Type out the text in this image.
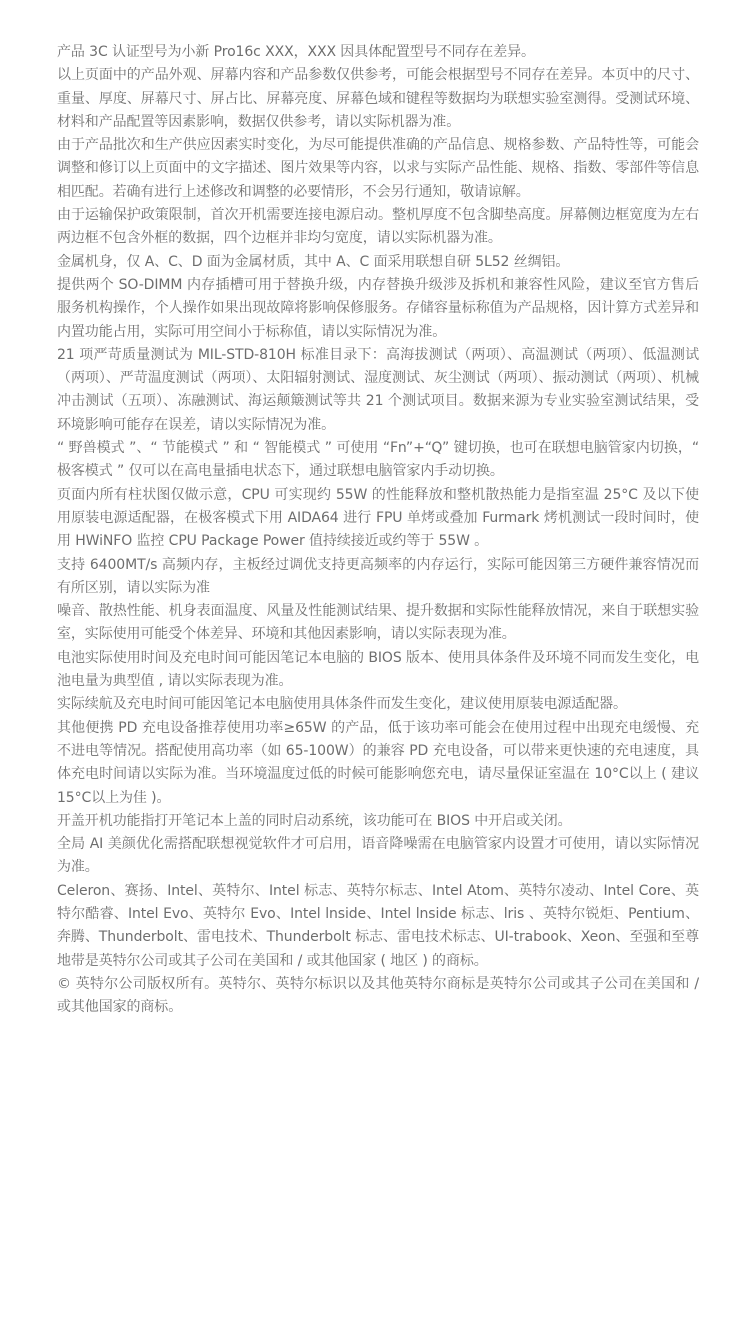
产品 3C 认证型号为小新 Pro16c XXX，XXX 因具体配置型号不同存在差异。

以上页面中的产品外观、屏幕内容和产品参数仅供参考，可能会根据型号不同存在差异。本页中的尺寸、重量、厚度、屏幕尺寸、屏占比、屏幕亮度、屏幕色域和键程等数据均为联想实验室测得。受测试环境、材料和产品配置等因素影响，数据仅供参考，请以实际机器为准。

由于产品批次和生产供应因素实时变化，为尽可能提供准确的产品信息、规格参数、产品特性等，可能会调整和修订以上页面中的文字描述、图片效果等内容，以求与实际产品性能、规格、指数、零部件等信息相匹配。若确有进行上述修改和调整的必要情形，不会另行通知，敬请谅解。

由于运输保护政策限制，首次开机需要连接电源启动。整机厚度不包含脚垫高度。屏幕侧边框宽度为左右两边框不包含外框的数据，四个边框并非均匀宽度，请以实际机器为准。

金属机身，仅 A、C、D 面为金属材质，其中 A、C 面采用联想自研 5L52 丝绸铝。

提供两个 SO-DIMM 内存插槽可用于替换升级，内存替换升级涉及拆机和兼容性风险，建议至官方售后服务机构操作，个人操作如果出现故障将影响保修服务。存储容量标称值为产品规格，因计算方式差异和内置功能占用，实际可用空间小于标称值，请以实际情况为准。

21 项严苛质量测试为 MIL-STD-810H 标准目录下：高海拔测试（两项）、高温测试（两项）、低温测试（两项）、严苛温度测试（两项）、太阳辐射测试、湿度测试、灰尘测试（两项）、振动测试（两项）、机械冲击测试（五项）、冻融测试、海运颠簸测试等共 21 个测试项目。数据来源为专业实验室测试结果，受环境影响可能存在误差，请以实际情况为准。

“ 野兽模式 ”、“ 节能模式 ” 和 “ 智能模式 ” 可使用 “Fn”+“Q” 键切换，也可在联想电脑管家内切换，“ 极客模式 ” 仅可以在高电量插电状态下，通过联想电脑管家内手动切换。

页面内所有柱状图仅做示意，CPU 可实现约 55W 的性能释放和整机散热能力是指室温 25°C 及以下使用原装电源适配器，在极客模式下用 AIDA64 进行 FPU 单烤或叠加 Furmark 烤机测试一段时间时，使用 HWiNFO 监控 CPU Package Power 值持续接近或约等于 55W 。

支持 6400MT/s 高频内存，主板经过调优支持更高频率的内存运行，实际可能因第三方硬件兼容情况而有所区别，请以实际为准

噪音、散热性能、机身表面温度、风量及性能测试结果、提升数据和实际性能释放情况，来自于联想实验室，实际使用可能受个体差异、环境和其他因素影响，请以实际表现为准。

电池实际使用时间及充电时间可能因笔记本电脑的 BIOS 版本、使用具体条件及环境不同而发生变化，电池电量为典型值 , 请以实际表现为准。

实际续航及充电时间可能因笔记本电脑使用具体条件而发生变化，建议使用原装电源适配器。

其他便携 PD 充电设备推荐使用功率≥65W 的产品，低于该功率可能会在使用过程中出现充电缓慢、充不进电等情况。搭配使用高功率（如 65-100W）的兼容 PD 充电设备，可以带来更快速的充电速度，具体充电时间请以实际为准。当环境温度过低的时候可能影响您充电，请尽量保证室温在 10°C以上 ( 建议 15°C以上为佳 )。

开盖开机功能指打开笔记本上盖的同时启动系统，该功能可在 BIOS 中开启或关闭。

全局 AI 美颜优化需搭配联想视觉软件才可启用，语音降噪需在电脑管家内设置才可使用，请以实际情况为准。

Celeron、赛扬、Intel、英特尔、Intel 标志、英特尔标志、Intel Atom、英特尔凌动、Intel Core、英特尔酷睿、Intel Evo、英特尔 Evo、Intel lnside、Intel lnside 标志、lris 、英特尔锐炬、Pentium、奔腾、Thunderbolt、雷电技术、Thunderbolt 标志、雷电技术标志、UI-trabook、Xeon、至强和至尊地带是英特尔公司或其子公司在美国和 / 或其他国家 ( 地区 ) 的商标。

© 英特尔公司版权所有。英特尔、英特尔标识以及其他英特尔商标是英特尔公司或其子公司在美国和 / 或其他国家的商标。
